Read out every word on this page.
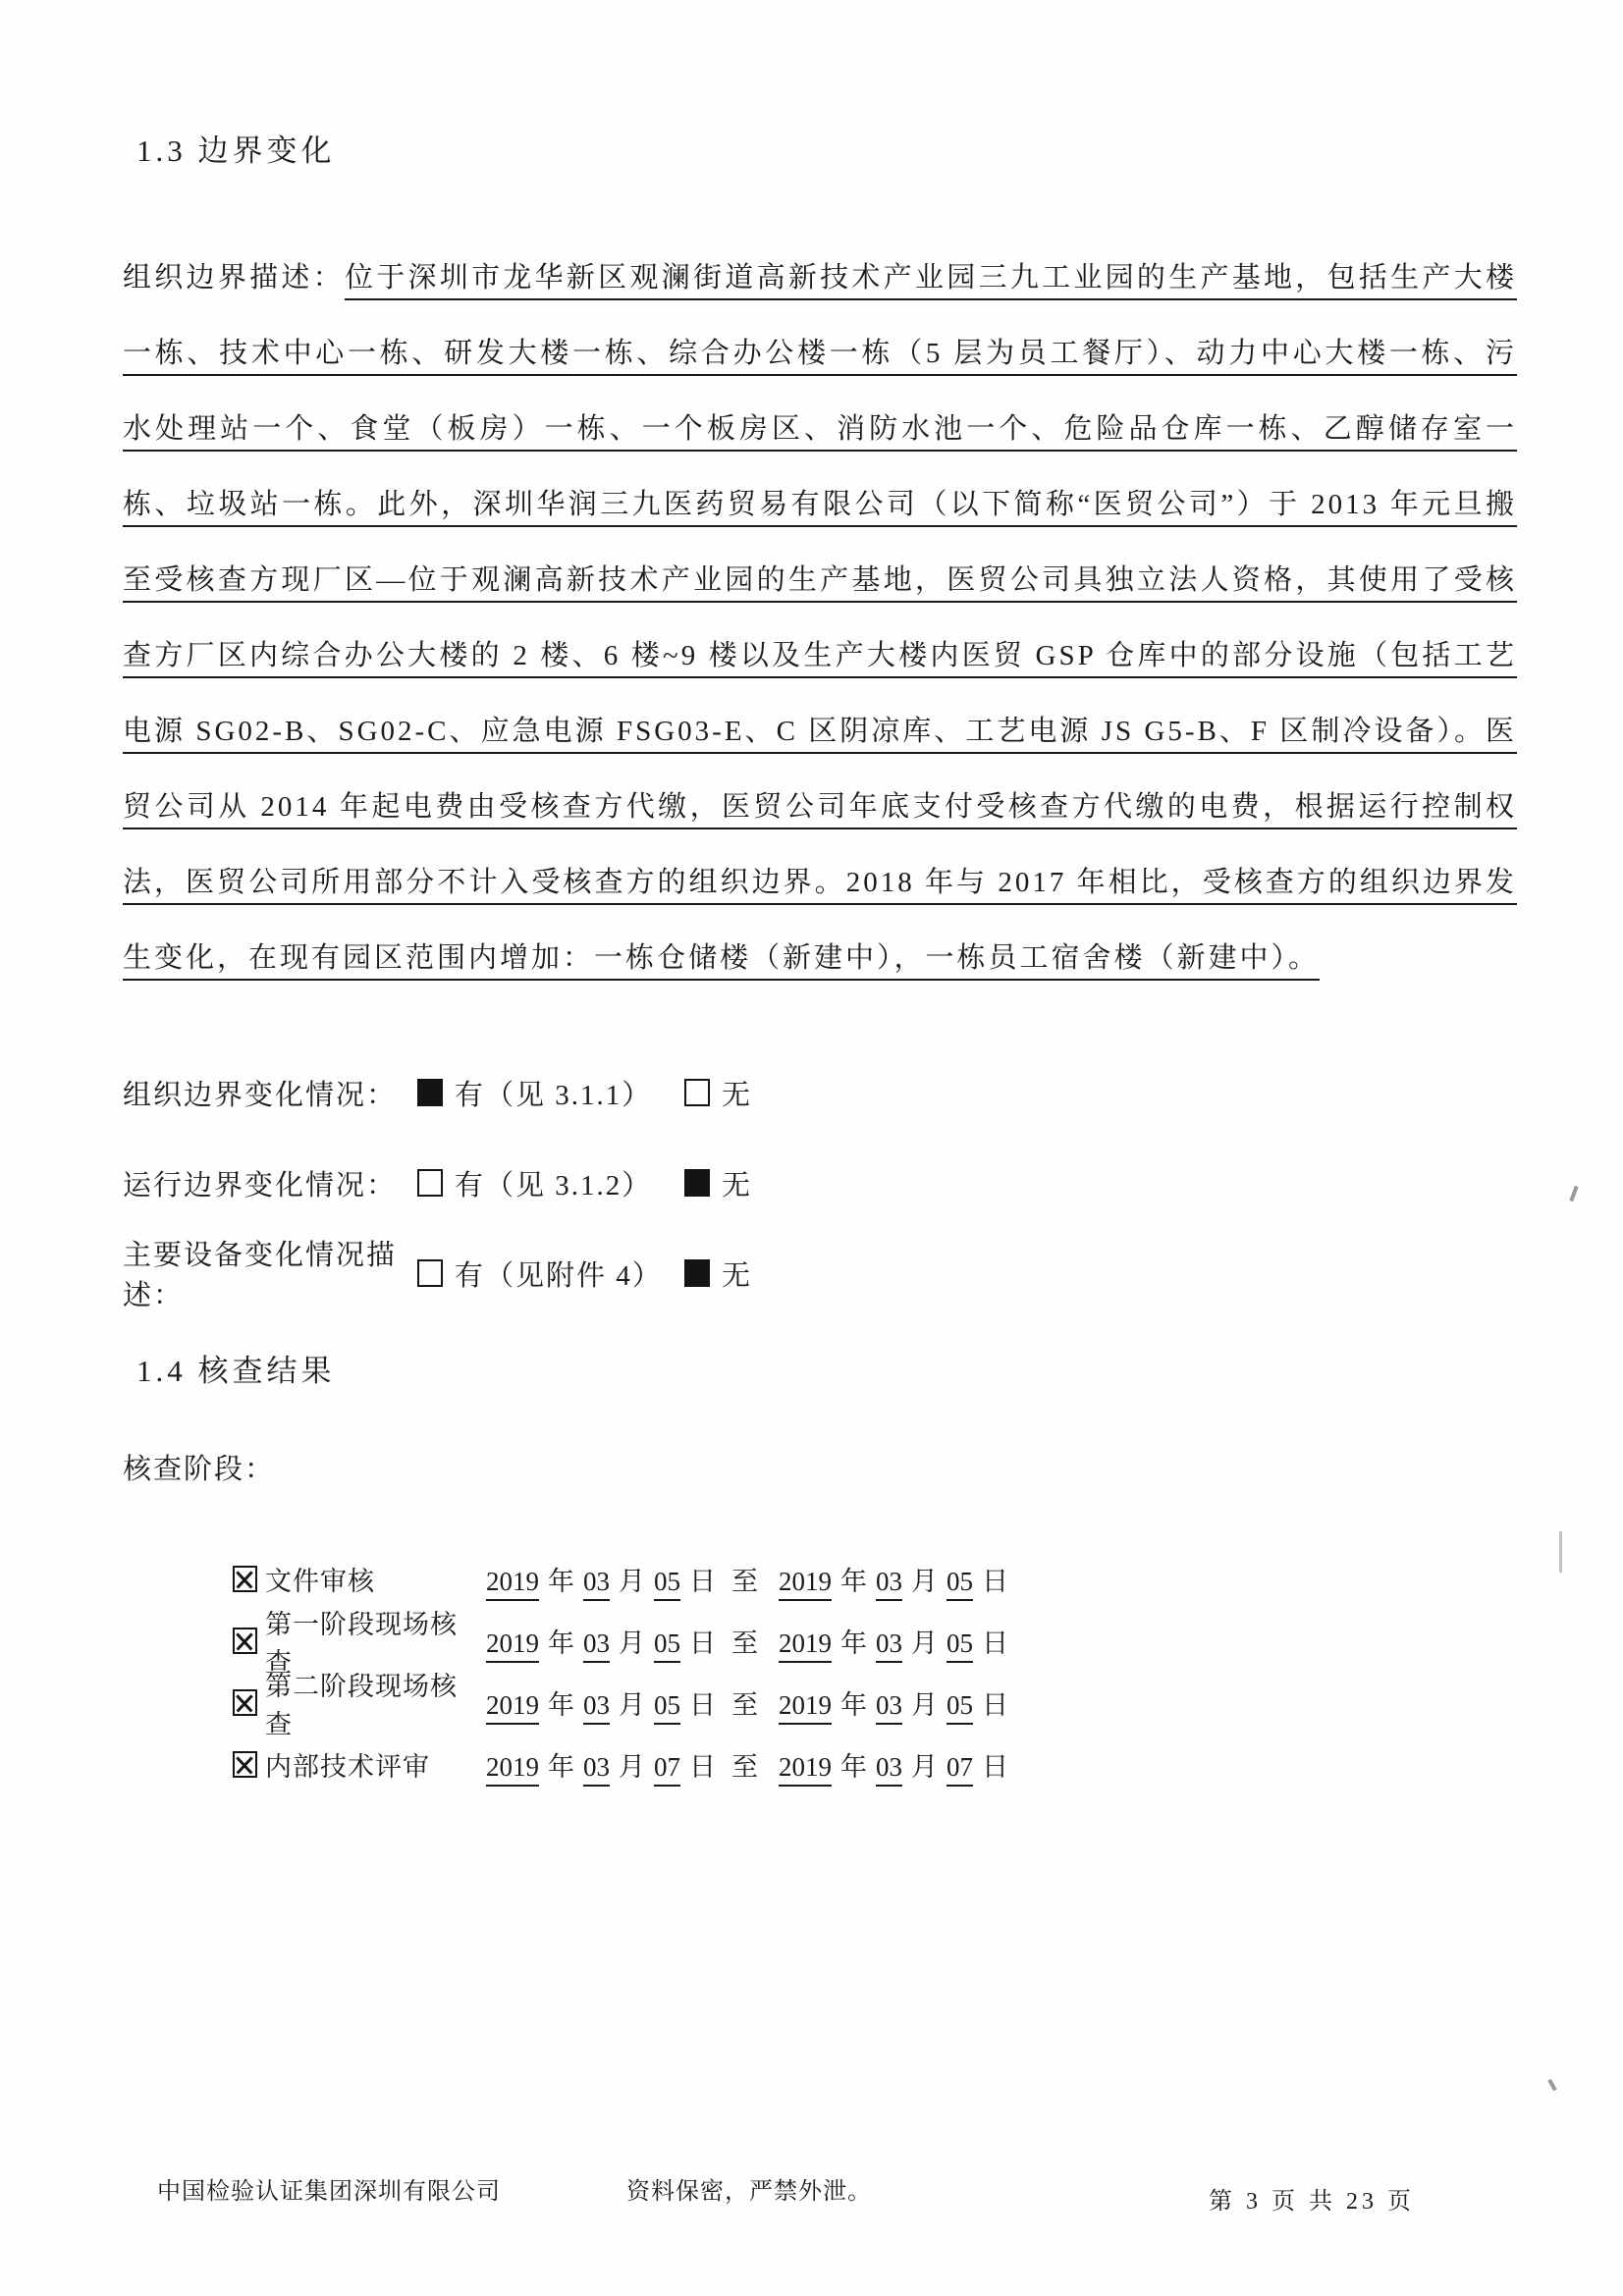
1.3 边界变化

组织边界描述：位于深圳市龙华新区观澜街道高新技术产业园三九工业园的生产基地，包括生产大楼一栋、技术中心一栋、研发大楼一栋、综合办公楼一栋（5 层为员工餐厅）、动力中心大楼一栋、污水处理站一个、食堂（板房）一栋、一个板房区、消防水池一个、危险品仓库一栋、乙醇储存室一栋、垃圾站一栋。此外，深圳华润三九医药贸易有限公司（以下简称“医贸公司”）于 2013 年元旦搬至受核查方现厂区—位于观澜高新技术产业园的生产基地，医贸公司具独立法人资格，其使用了受核查方厂区内综合办公大楼的 2 楼、6 楼~9 楼以及生产大楼内医贸 GSP 仓库中的部分设施（包括工艺电源 SG02-B、SG02-C、应急电源 FSG03-E、C 区阴凉库、工艺电源 JS G5-B、F 区制冷设备）。医贸公司从 2014 年起电费由受核查方代缴，医贸公司年底支付受核查方代缴的电费，根据运行控制权法，医贸公司所用部分不计入受核查方的组织边界。2018 年与 2017 年相比，受核查方的组织边界发生变化，在现有园区范围内增加：一栋仓储楼（新建中），一栋员工宿舍楼（新建中）。

组织边界变化情况：	有（见 3.1.1） 无
运行边界变化情况：	有（见 3.1.2） 无
主要设备变化情况描述：
有（见附件 4） 无
1.4 核查结果
核查阶段：
文件审核	2019 年 03 月 05 日 至 2019 年 03 月 05 日
第一阶段现场核查
2019 年 03 月 05 日 至 2019 年 03 月 05 日
第二阶段现场核查
2019 年 03 月 05 日 至 2019 年 03 月 05 日
内部技术评审	2019 年 03 月 07 日 至 2019 年 03 月 07 日
中国检验认证集团深圳有限公司	资料保密，严禁外泄。	第 3 页 共 23 页
